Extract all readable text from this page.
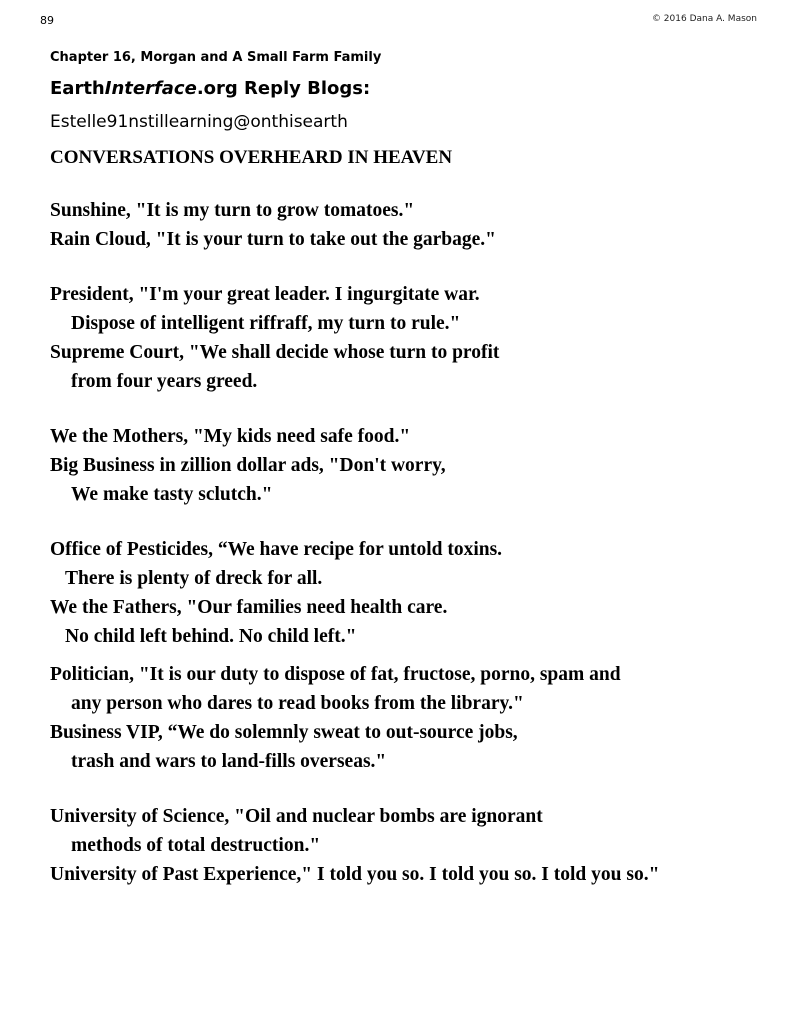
89	© 2016 Dana A. Mason
Chapter 16, Morgan and A Small Farm Family
EarthInterface.org Reply Blogs:
Estelle91nstillearning@onthisearth
CONVERSATIONS OVERHEARD IN HEAVEN
Sunshine, "It is my turn to grow tomatoes."
Rain Cloud, "It is your turn to take out the garbage."
President, "I'm your great leader. I ingurgitate war.
Dispose of intelligent riffraff, my turn to rule."
Supreme Court, "We shall decide whose turn to profit
from four years greed.
We the Mothers, "My kids need safe food."
Big Business in zillion dollar ads, "Don't worry,
We make tasty sclutch."
Office of Pesticides, “We have recipe for untold toxins.
There is plenty of dreck for all.
We the Fathers, "Our families need health care.
No child left behind. No child left."
Politician, "It is our duty to dispose of fat, fructose, porno, spam and
any person who dares to read books from the library."
Business VIP, “We do solemnly sweat to out-source jobs,
trash and wars to land-fills overseas."
University of Science, "Oil and nuclear bombs are ignorant
methods of total destruction."
University of Past Experience," I told you so. I told you so. I told you so."
